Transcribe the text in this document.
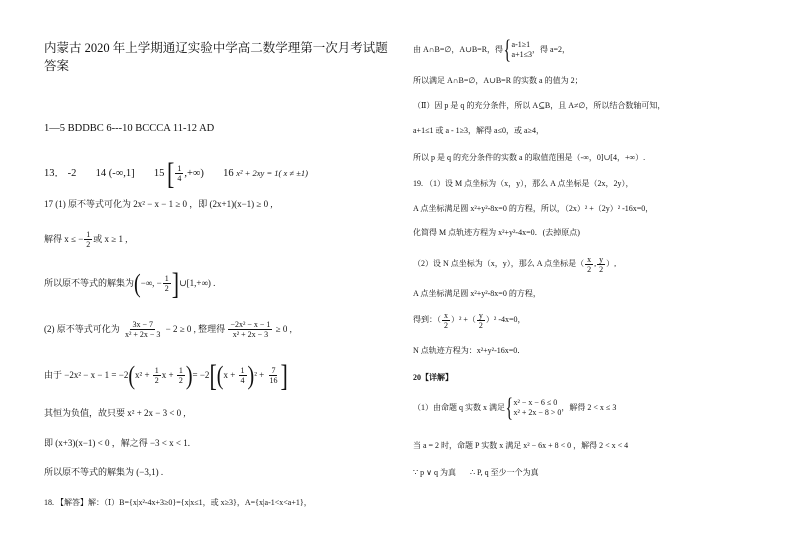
内蒙古 2020 年上学期通辽实验中学高二数学理第一次月考试题
答案
1—5 BDDBC 6---10 BCCCA 11-12 AD
13． -2 14 (-∞,1] 15 [ $\frac{1}{4}$ ,+∞) 16 x² + 2xy = 1( x ≠ ±1)
17 (1) 原不等式可化为 2x² − x − 1 ≥ 0 ，即 (2x+1)(x−1) ≥ 0 ,
解得 x ≤ − $\frac{1}{2}$ 或 x ≥ 1 ,
所以原不等式的解集为(−∞, − $\frac{1}{2}$ ]∪[1,+∞) .
(2) 原不等式可化为 $\frac{3x - 7}{\text{x² + 2x − 3}} - 2 \ge 0$ , 整理得 $\frac{\text{−2x² − x − 1}}{\text{x² + 2x − 3}} \ge 0$ ,
由于 $-2x^2 - x - 1 = -2(x^2 + \frac{1}{2}$ $x + \frac{1}{2}$ )= $-2[(x + \frac{1}{4} )^2 + \frac{7}{16}$ ]
其恒为负值，故只要 x² + 2x − 3 < 0 ,
即 (x+3)(x−1) < 0 ，解之得 −3 < x < 1.
所以原不等式的解集为 (−3,1) .
18. 【解答】解：（Ⅰ）B={x|x²-4x+3≥0}={x|x≤1，或 x≥3}，A={x|a-1<x<a+1}，
由 A∩B=∅，A∪B=R，得{ a-1≥1
a+1≤3
，得 a=2，
所以满足 A∩B=∅，A∪B=R 的实数 a 的值为 2；
（Ⅱ）因 p 是 q 的充分条件，所以 A⊆B，且 A≠∅，所以结合数轴可知，
a+1≤1 或 a - 1≥3，解得 a≤0，或 a≥4，
所以 p 是 q 的充分条件的实数 a 的取值范围是（-∞，0]∪[4，+∞）.
19. （1）设 M 点坐标为（x，y），那么 A 点坐标是（2x，2y），
A 点坐标满足圆 x²+y²-8x=0 的方程，所以，（2x）² +（2y）² -16x=0，
化简得 M 点轨迹方程为 x²+y²-4x=0．(去掉原点)
（2）设 N 点坐标为（x，y），那么 A 点坐标是（ $\frac{x}{2}$ , $\frac{y}{2}$ ）,
A 点坐标满足圆 x²+y²-8x=0 的方程，
得到：（ $\frac{x}{2} )^2$ +（ $\frac{y}{2} )^2$ -4x=0，
N 点轨迹方程为：x²+y²-16x=0．
20【详解】
（1）由命题 q 实数 x 满足{ x² − x − 6 ≤ 0
x² + 2x − 8 > 0
，解得 2 < x ≤ 3
当 a = 2 时，命题 P 实数 x 满足 x² − 6x + 8 < 0 ，解得 2 < x < 4
∵ p ∨ q 为真 ∴ P, q 至少一个为真
